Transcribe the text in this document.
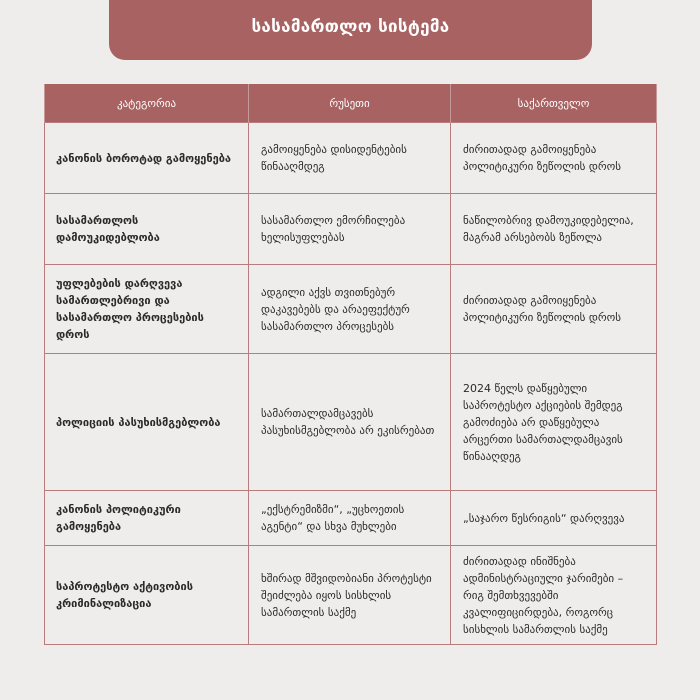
სასამართლო სისტემა
კატეგორია	რუსეთი	საქართველო
კანონის ბოროტად გამოყენება	გამოიყენება დისიდენტების წინააღმდეგ	ძირითადად გამოიყენება პოლიტიკური ზეწოლის დროს
სასამართლოს დამოუკიდებლობა	სასამართლო ემორჩილება ხელისუფლებას	ნაწილობრივ დამოუკიდებელია, მაგრამ არსებობს ზეწოლა
უფლებების დარღვევა სამართლებრივი და სასამართლო პროცესების დროს	ადგილი აქვს თვითნებურ დაკავებებს და არაეფექტურ სასამართლო პროცესებს	ძირითადად გამოიყენება პოლიტიკური ზეწოლის დროს
პოლიციის პასუხისმგებლობა	სამართალდამცავებს პასუხისმგებლობა არ ეკისრებათ	2024 წელს დაწყებული საპროტესტო აქციების შემდეგ გამოძიება არ დაწყებულა არცერთი სამართალდამცავის წინააღდეგ
კანონის პოლიტიკური გამოყენება	„ექსტრემიზმი“, „უცხოეთის აგენტი“ და სხვა მუხლები	„საჯარო წესრიგის“ დარღვევა
საპროტესტო აქტივობის კრიმინალიზაცია	ხშირად მშვიდობიანი პროტესტი შეიძლება იყოს სისხლის სამართლის საქმე	ძირითადად ინიშნება ადმინისტრაციული ჯარიმები – რიგ შემთხვევებში კვალიფიცირდება, როგორც სისხლის სამართლის საქმე
